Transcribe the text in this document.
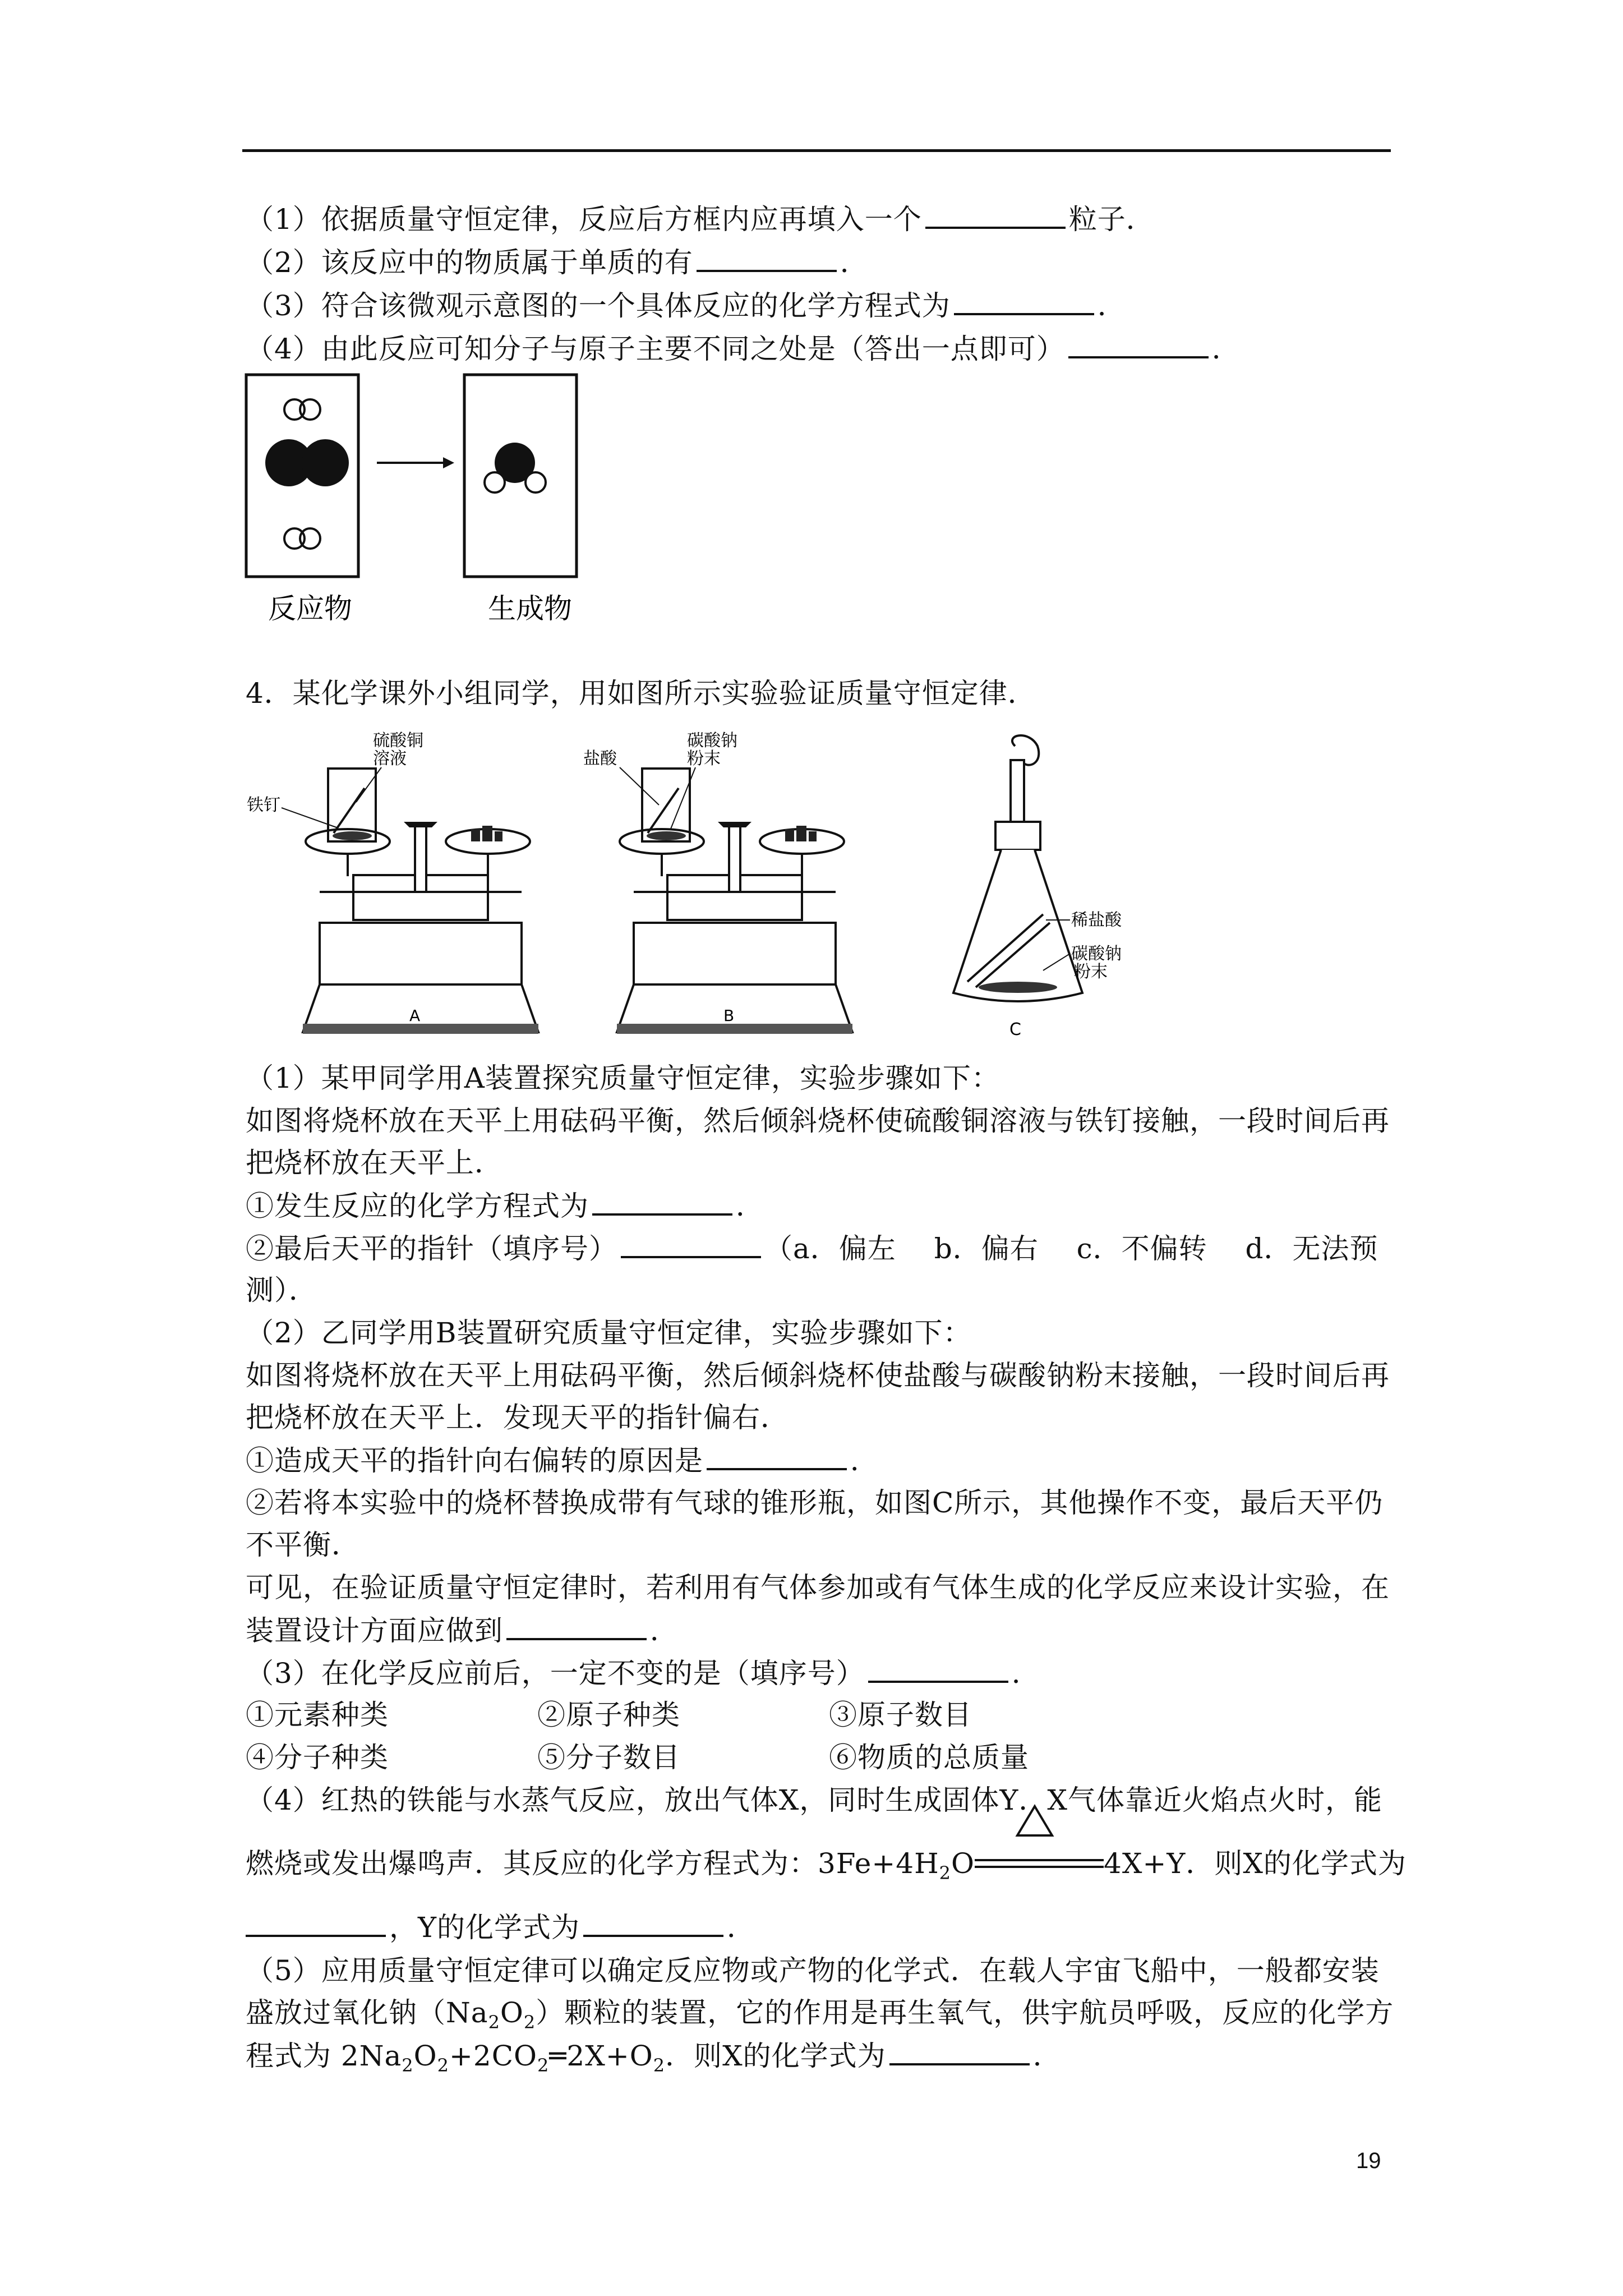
（1）依据质量守恒定律，反应后方框内应再填入一个	粒子．
（2）该反应中的物质属于单质的有	．
（3）符合该微观示意图的一个具体反应的化学方程式为	．
（4）由此反应可知分子与原子主要不同之处是（答出一点即可）	．
反应物	生成物
4．某化学课外小组同学，用如图所示实验验证质量守恒定律．
铁钉
硫酸铜
溶液
A
盐酸
碳酸钠
粉末
B
稀盐酸
碳酸钠
粉末
C
（1）某甲同学用A装置探究质量守恒定律，实验步骤如下：
如图将烧杯放在天平上用砝码平衡，然后倾斜烧杯使硫酸铜溶液与铁钉接触，一段时间后再
把烧杯放在天平上．
①发生反应的化学方程式为	．
②最后天平的指针（填序号）	（a．偏左　 b．偏右　 c．不偏转　 d．无法预
测）．
（2）乙同学用B装置研究质量守恒定律，实验步骤如下：
如图将烧杯放在天平上用砝码平衡，然后倾斜烧杯使盐酸与碳酸钠粉末接触，一段时间后再
把烧杯放在天平上．发现天平的指针偏右．
①造成天平的指针向右偏转的原因是	．
②若将本实验中的烧杯替换成带有气球的锥形瓶，如图C所示，其他操作不变，最后天平仍
不平衡．
可见，在验证质量守恒定律时，若利用有气体参加或有气体生成的化学反应来设计实验，在
装置设计方面应做到	．
（3）在化学反应前后，一定不变的是（填序号）	．
①元素种类	②原子种类	③原子数目
④分子种类	⑤分子数目	⑥物质的总质量
（4）红热的铁能与水蒸气反应，放出气体X，同时生成固体Y．X气体靠近火焰点火时，能
燃烧或发出爆鸣声．其反应的化学方程式为：$3Fe+4H_2O$	4X+Y．则X的化学式为
，Y的化学式为	．
（5）应用质量守恒定律可以确定反应物或产物的化学式．在载人宇宙飞船中，一般都安装
盛放过氧化钠$(Na_2O_2)$颗粒的装置，它的作用是再生氧气，供宇航员呼吸，反应的化学方
程式为 $2Na_2O_2+2CO_2═2X+O_2$．则X的化学式为	．
19
